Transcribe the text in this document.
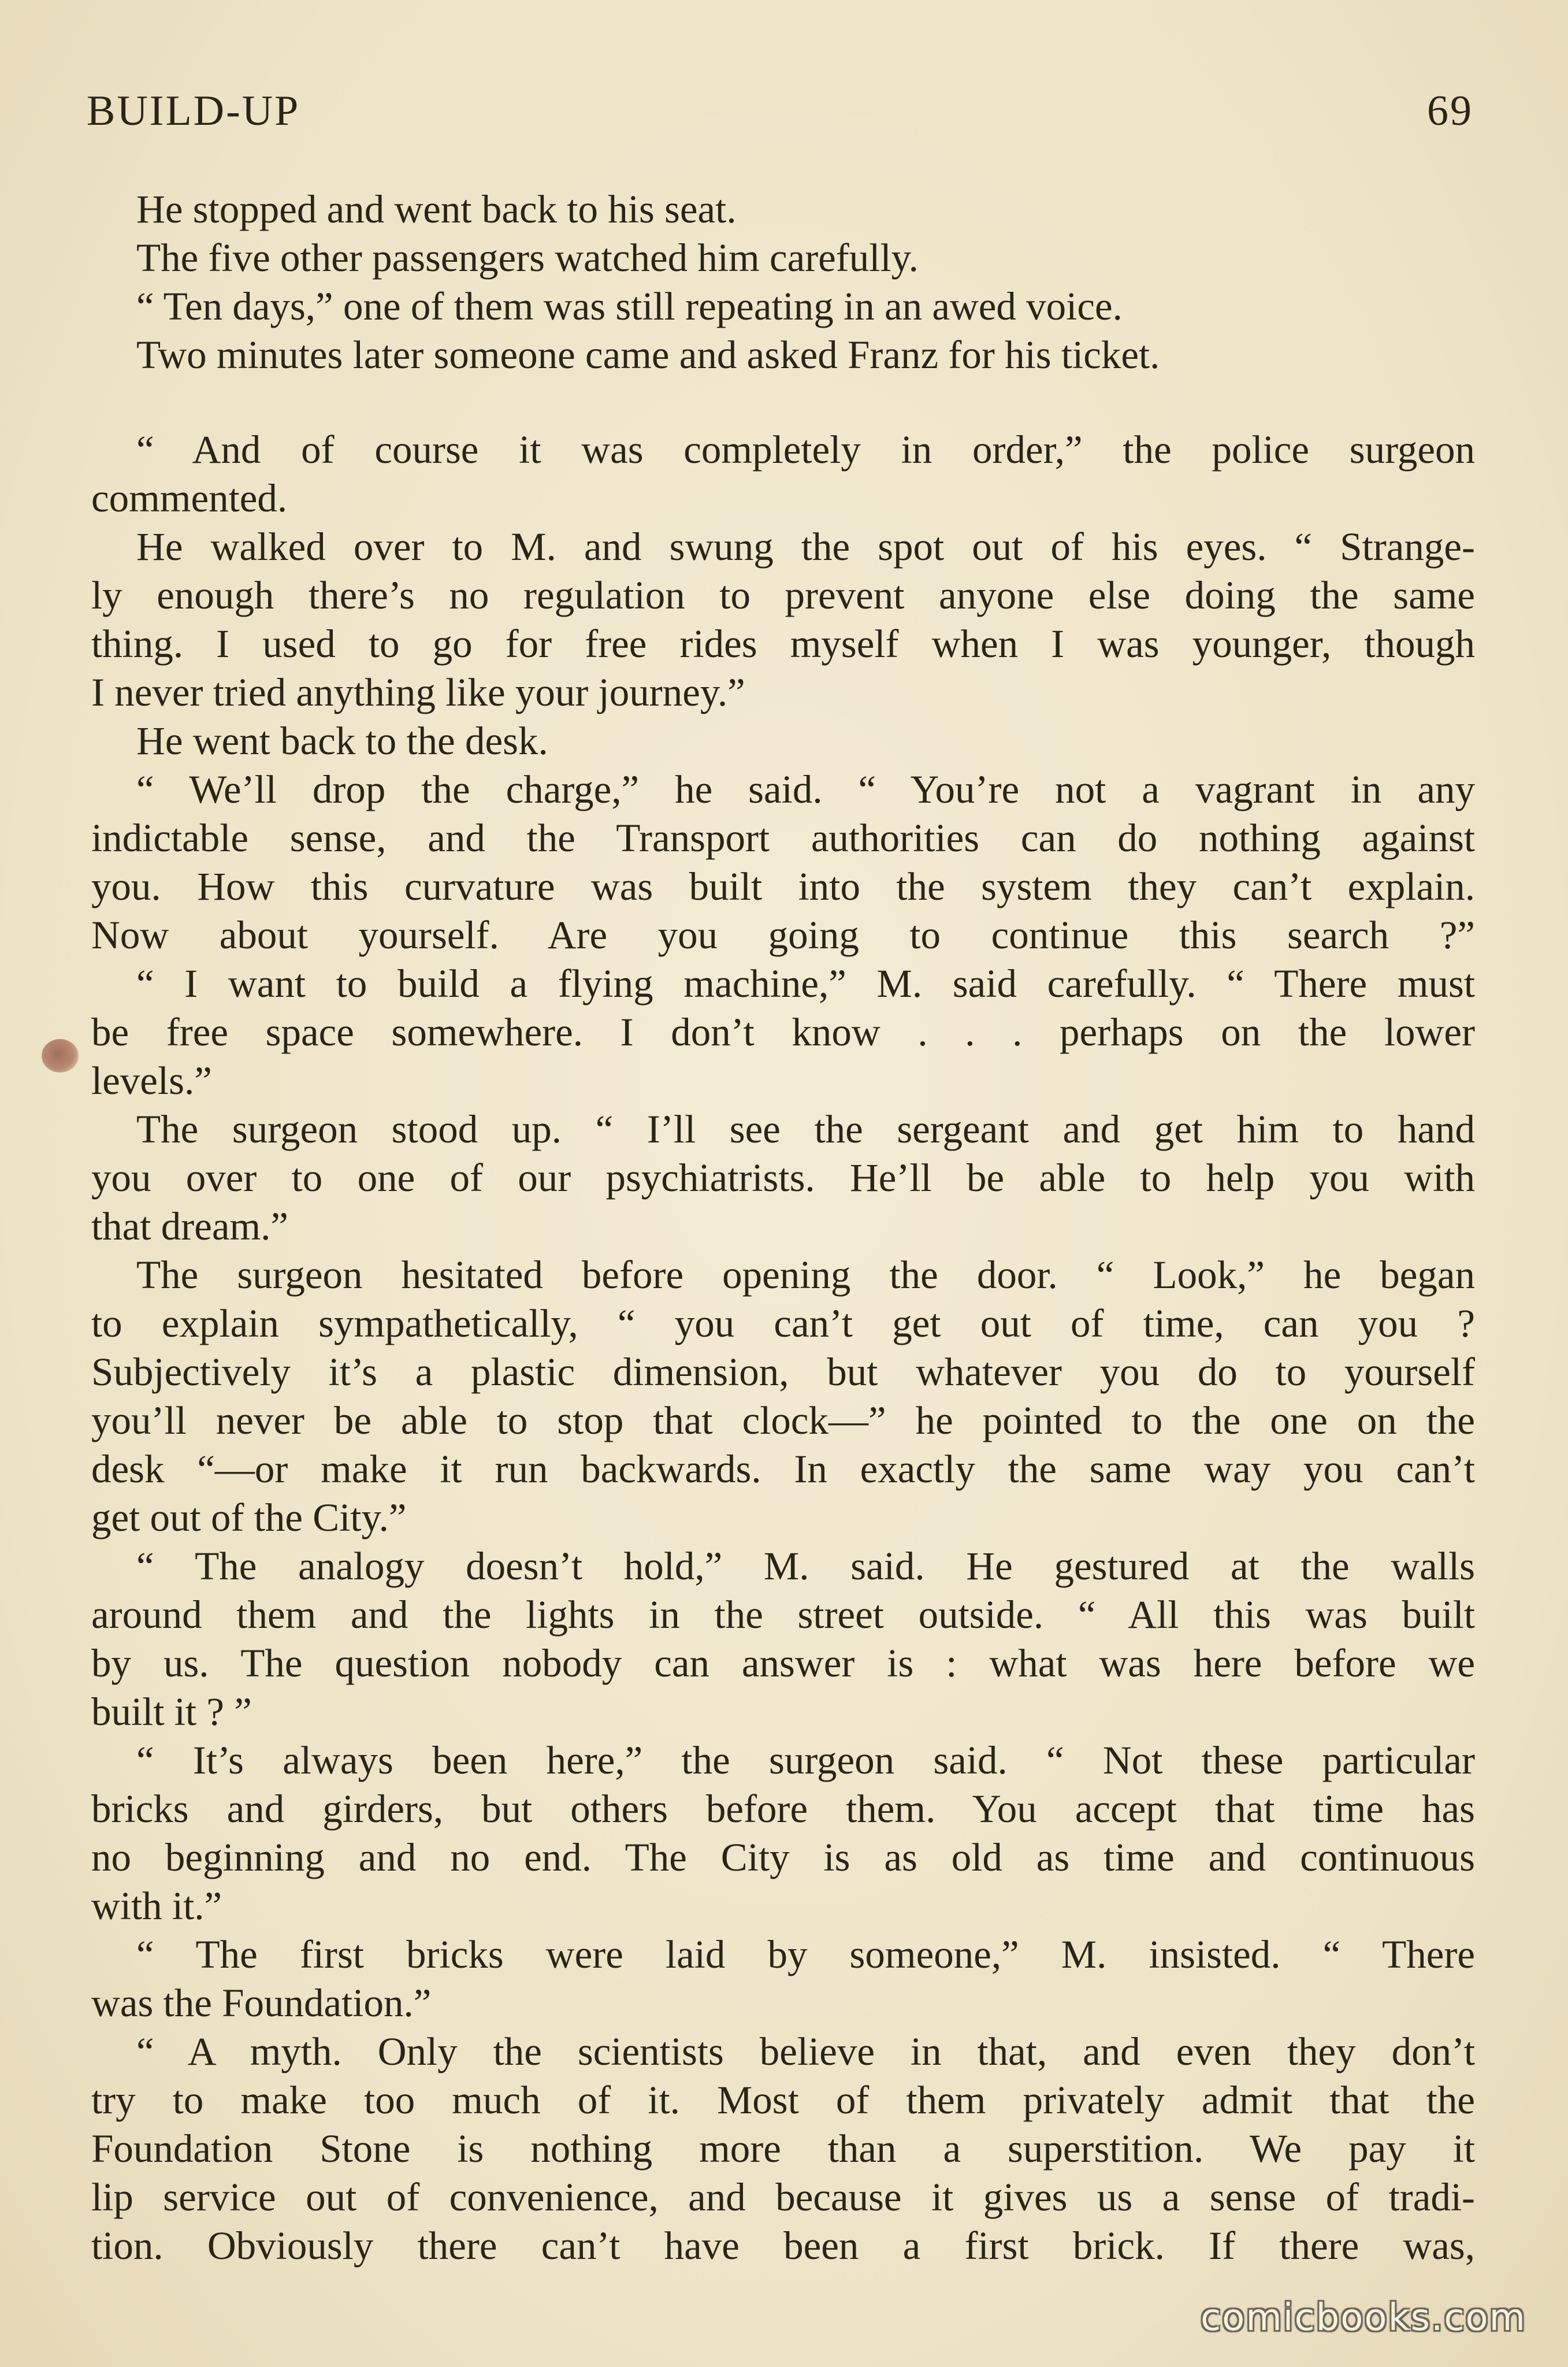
BUILD-UP	69
He stopped and went back to his seat.
The five other passengers watched him carefully.
“ Ten days,” one of them was still repeating in an awed voice.
Two minutes later someone came and asked Franz for his ticket.
“ And of course it was completely in order,” the police surgeon
commented.
He walked over to M. and swung the spot out of his eyes. “ Strange-
ly enough there’s no regulation to prevent anyone else doing the same
thing. I used to go for free rides myself when I was younger, though
I never tried anything like your journey.”
He went back to the desk.
“ We’ll drop the charge,” he said. “ You’re not a vagrant in any
indictable sense, and the Transport authorities can do nothing against
you. How this curvature was built into the system they can’t explain.
Now about yourself. Are you going to continue this search ?”
“ I want to build a flying machine,” M. said carefully. “ There must
be free space somewhere. I don’t know . . . perhaps on the lower
levels.”
The surgeon stood up. “ I’ll see the sergeant and get him to hand
you over to one of our psychiatrists. He’ll be able to help you with
that dream.”
The surgeon hesitated before opening the door. “ Look,” he began
to explain sympathetically, “ you can’t get out of time, can you ?
Subjectively it’s a plastic dimension, but whatever you do to yourself
you’ll never be able to stop that clock—” he pointed to the one on the
desk “—or make it run backwards. In exactly the same way you can’t
get out of the City.”
“ The analogy doesn’t hold,” M. said. He gestured at the walls
around them and the lights in the street outside. “ All this was built
by us. The question nobody can answer is : what was here before we
built it ? ”
“ It’s always been here,” the surgeon said. “ Not these particular
bricks and girders, but others before them. You accept that time has
no beginning and no end. The City is as old as time and continuous
with it.”
“ The first bricks were laid by someone,” M. insisted. “ There
was the Foundation.”
“ A myth. Only the scientists believe in that, and even they don’t
try to make too much of it. Most of them privately admit that the
Foundation Stone is nothing more than a superstition. We pay it
lip service out of convenience, and because it gives us a sense of tradi-
tion. Obviously there can’t have been a first brick. If there was,
comicbooks.com
